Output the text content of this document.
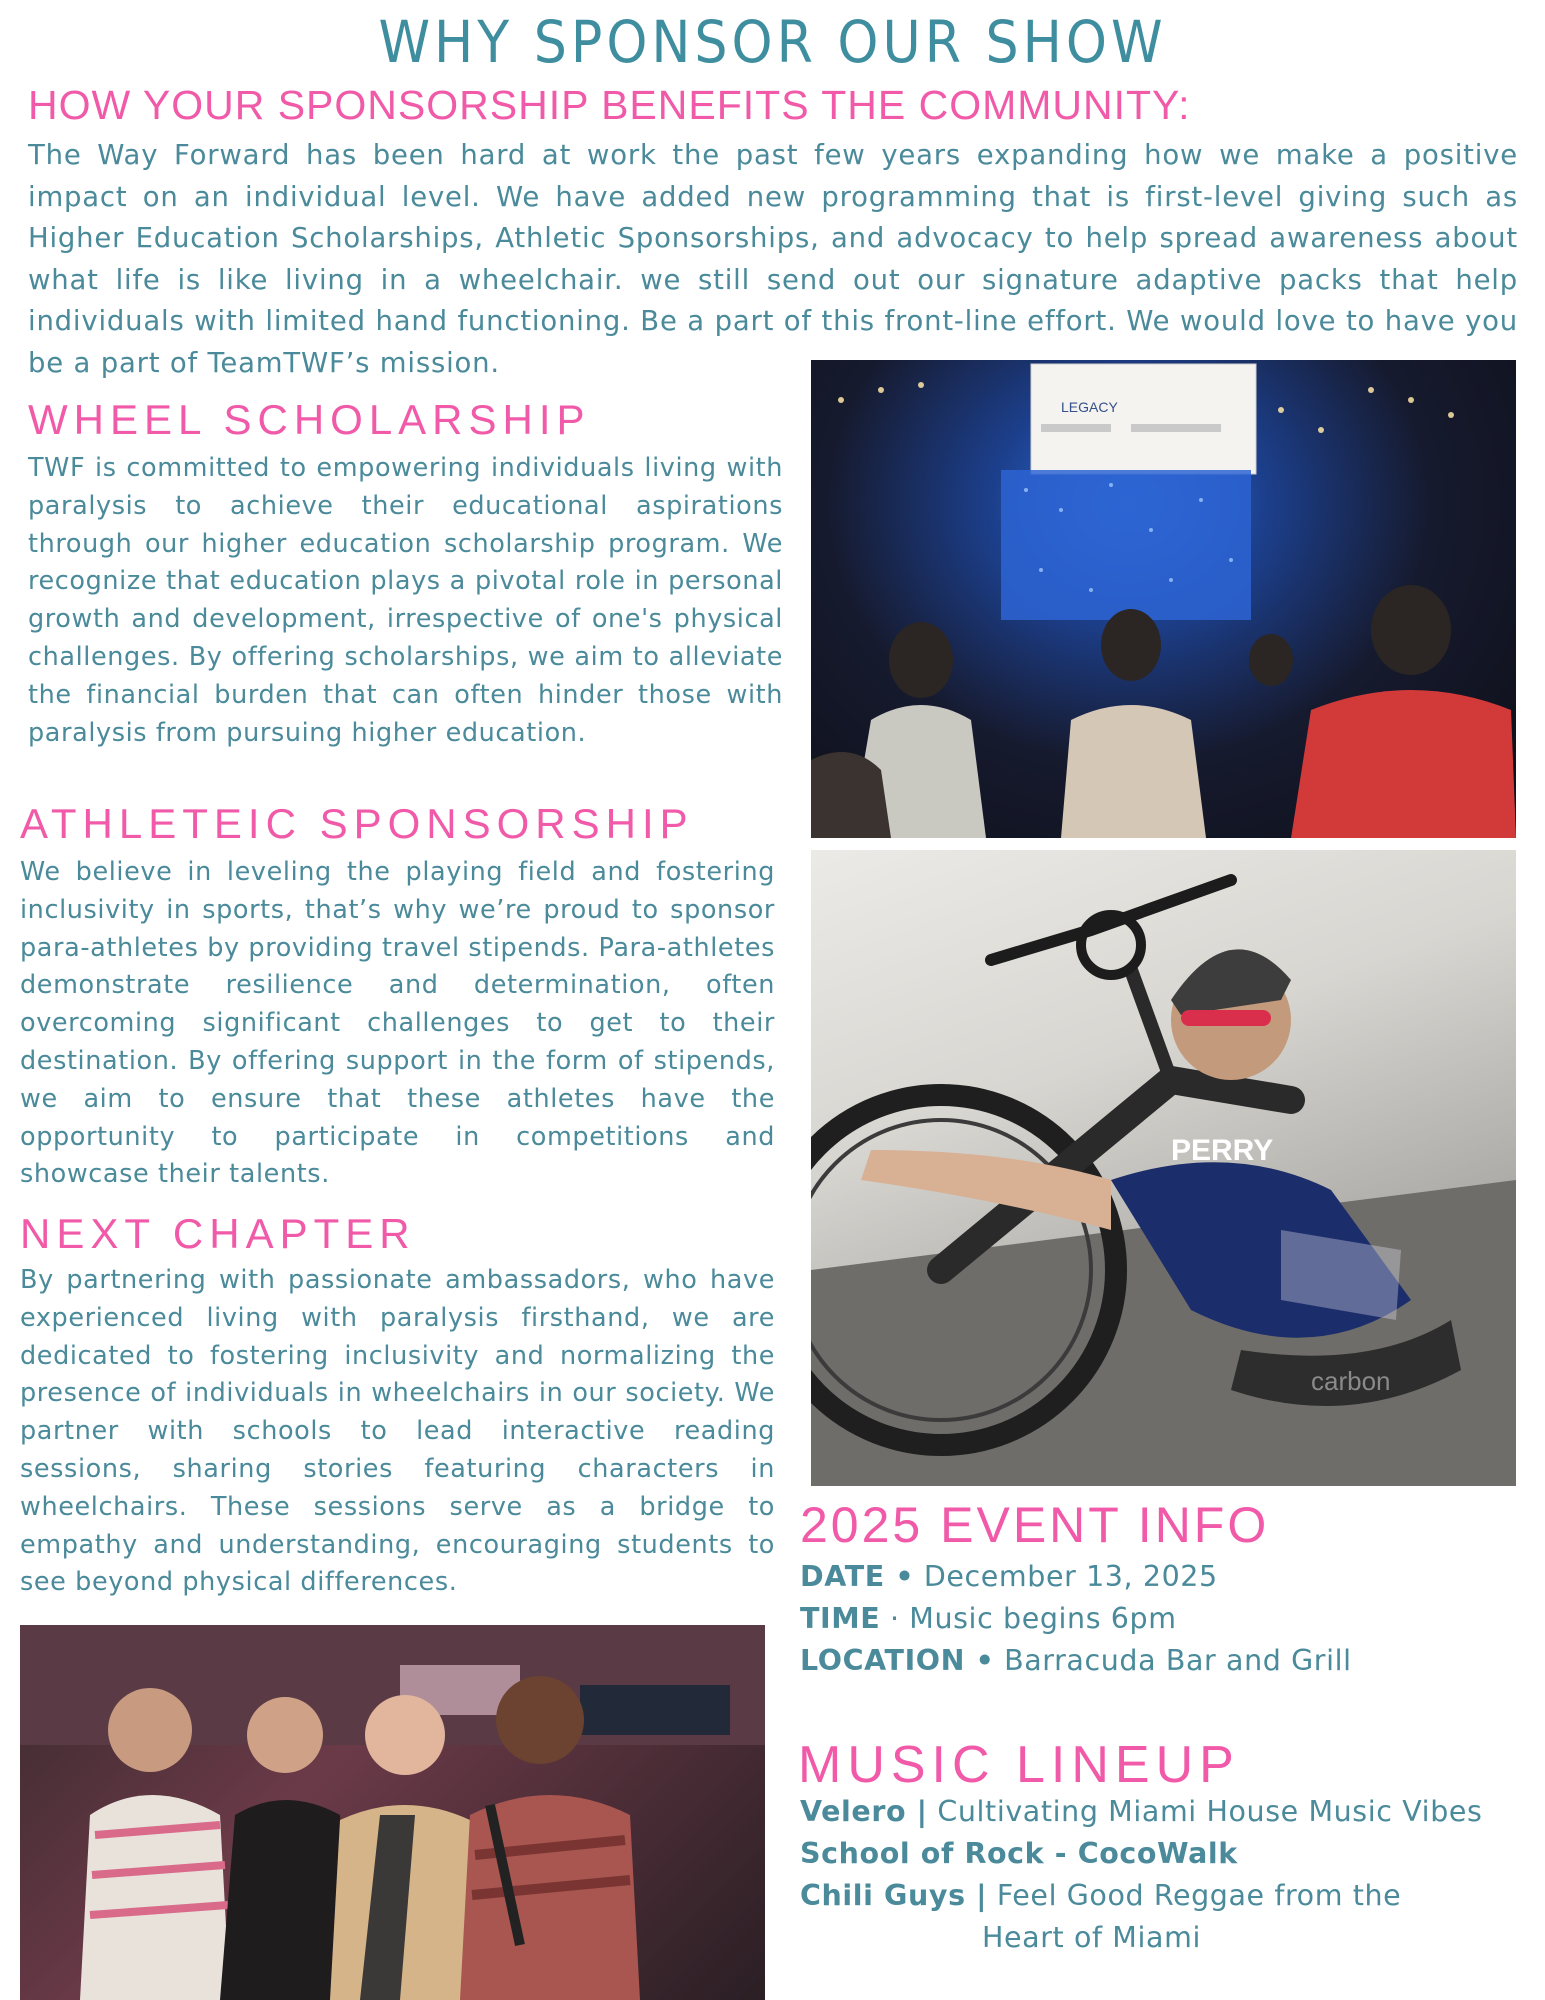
WHY SPONSOR OUR SHOW
HOW YOUR SPONSORSHIP BENEFITS THE COMMUNITY:

The Way Forward has been hard at work the past few years expanding how we make a positive impact on an individual level. We have added new programming that is first-level giving such as Higher Education Scholarships, Athletic Sponsorships, and advocacy to help spread awareness about what life is like living in a wheelchair. we still send out our signature adaptive packs that help individuals with limited hand functioning. Be a part of this front-line effort. We would love to have you be a part of TeamTWF’s mission.

WHEEL SCHOLARSHIP

TWF is committed to empowering individuals living with paralysis to achieve their educational aspirations through our higher education scholarship program. We recognize that education plays a pivotal role in personal growth and development, irrespective of one's physical challenges. By offering scholarships, we aim to alleviate the financial burden that can often hinder those with paralysis from pursuing higher education.

ATHLETEIC SPONSORSHIP

We believe in leveling the playing field and fostering inclusivity in sports, that’s why we’re proud to sponsor para-athletes by providing travel stipends. Para-athletes demonstrate resilience and determination, often overcoming significant challenges to get to their destination. By offering support in the form of stipends, we aim to ensure that these athletes have the opportunity to participate in competitions and showcase their talents.

NEXT CHAPTER

By partnering with passionate ambassadors, who have experienced living with paralysis firsthand, we are dedicated to fostering inclusivity and normalizing the presence of individuals in wheelchairs in our society. We partner with schools to lead interactive reading sessions, sharing stories featuring characters in wheelchairs. These sessions serve as a bridge to empathy and understanding, encouraging students to see beyond physical differences.

LEGACY
PERRY
carbon
2025 EVENT INFO
DATE • December 13, 2025
TIME · Music begins 6pm
LOCATION • Barracuda Bar and Grill
MUSIC LINEUP
Velero | Cultivating Miami House Music Vibes
School of Rock - CocoWalk
Chili Guys | Feel Good Reggae from the
Heart of Miami
